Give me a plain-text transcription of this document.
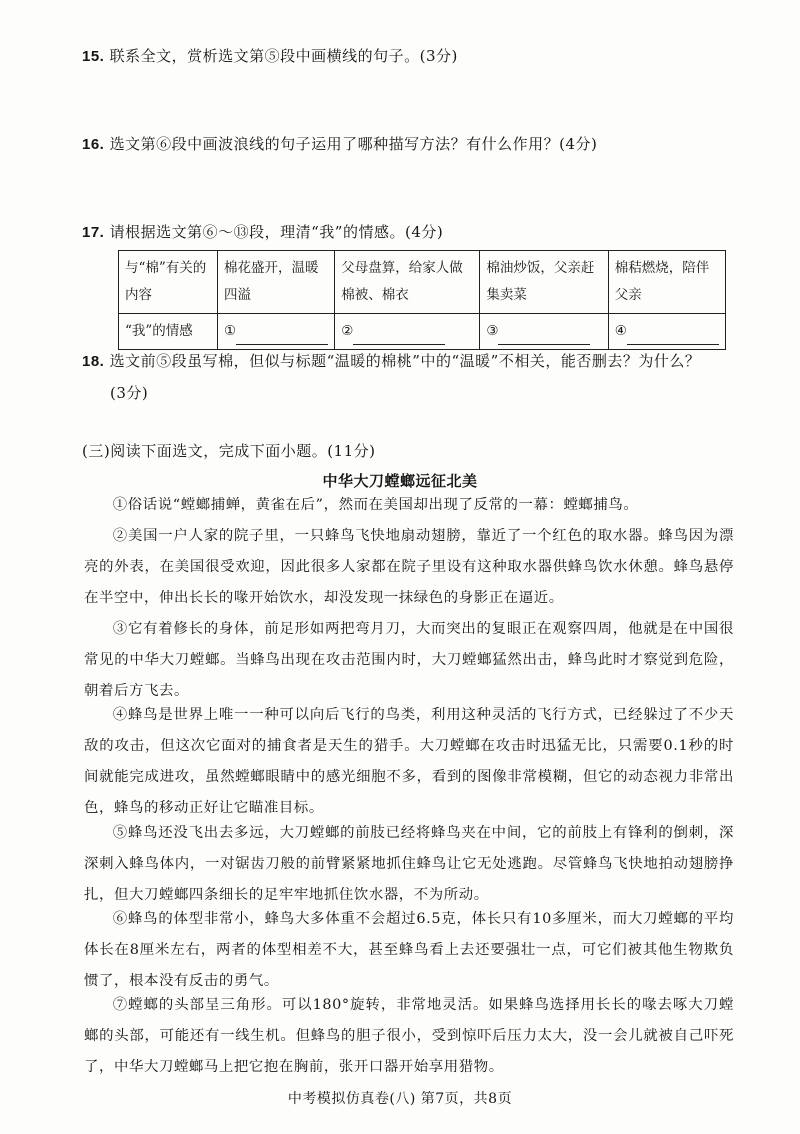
15. 联系全文，赏析选文第⑤段中画横线的句子。(3分)
16. 选文第⑥段中画波浪线的句子运用了哪种描写方法？有什么作用？(4分)
17. 请根据选文第⑥～⑬段，理清“我”的情感。(4分)
与“棉”有关的内容	棉花盛开，温暖四溢	父母盘算，给家人做棉被、棉衣	棉油炒饭，父亲赶集卖菜	棉秸燃烧，陪伴父亲
“我”的情感	①	②	③	④
18. 选文前⑤段虽写棉，但似与标题“温暖的棉桃”中的“温暖”不相关，能否删去？为什么？
(3分)
(三)阅读下面选文，完成下面小题。(11分)
中华大刀螳螂远征北美
①俗话说“螳螂捕蝉，黄雀在后”，然而在美国却出现了反常的一幕：螳螂捕鸟。
②美国一户人家的院子里，一只蜂鸟飞快地扇动翅膀，靠近了一个红色的取水器。蜂鸟因为漂亮的外表，在美国很受欢迎，因此很多人家都在院子里设有这种取水器供蜂鸟饮水休憩。蜂鸟悬停在半空中，伸出长长的喙开始饮水，却没发现一抹绿色的身影正在逼近。
③它有着修长的身体，前足形如两把弯月刀，大而突出的复眼正在观察四周，他就是在中国很常见的中华大刀螳螂。当蜂鸟出现在攻击范围内时，大刀螳螂猛然出击，蜂鸟此时才察觉到危险，朝着后方飞去。
④蜂鸟是世界上唯一一种可以向后飞行的鸟类，利用这种灵活的飞行方式，已经躲过了不少天敌的攻击，但这次它面对的捕食者是天生的猎手。大刀螳螂在攻击时迅猛无比，只需要0.1秒的时间就能完成进攻，虽然螳螂眼睛中的感光细胞不多，看到的图像非常模糊，但它的动态视力非常出色，蜂鸟的移动正好让它瞄准目标。
⑤蜂鸟还没飞出去多远，大刀螳螂的前肢已经将蜂鸟夹在中间，它的前肢上有锋利的倒刺，深深刺入蜂鸟体内，一对锯齿刀般的前臂紧紧地抓住蜂鸟让它无处逃跑。尽管蜂鸟飞快地拍动翅膀挣扎，但大刀螳螂四条细长的足牢牢地抓住饮水器，不为所动。
⑥蜂鸟的体型非常小，蜂鸟大多体重不会超过6.5克，体长只有10多厘米，而大刀螳螂的平均体长在8厘米左右，两者的体型相差不大，甚至蜂鸟看上去还要强壮一点，可它们被其他生物欺负惯了，根本没有反击的勇气。
⑦螳螂的头部呈三角形。可以180°旋转，非常地灵活。如果蜂鸟选择用长长的喙去啄大刀螳螂的头部，可能还有一线生机。但蜂鸟的胆子很小，受到惊吓后压力太大，没一会儿就被自己吓死了，中华大刀螳螂马上把它抱在胸前，张开口器开始享用猎物。
中考模拟仿真卷(八) 第7页，共8页
